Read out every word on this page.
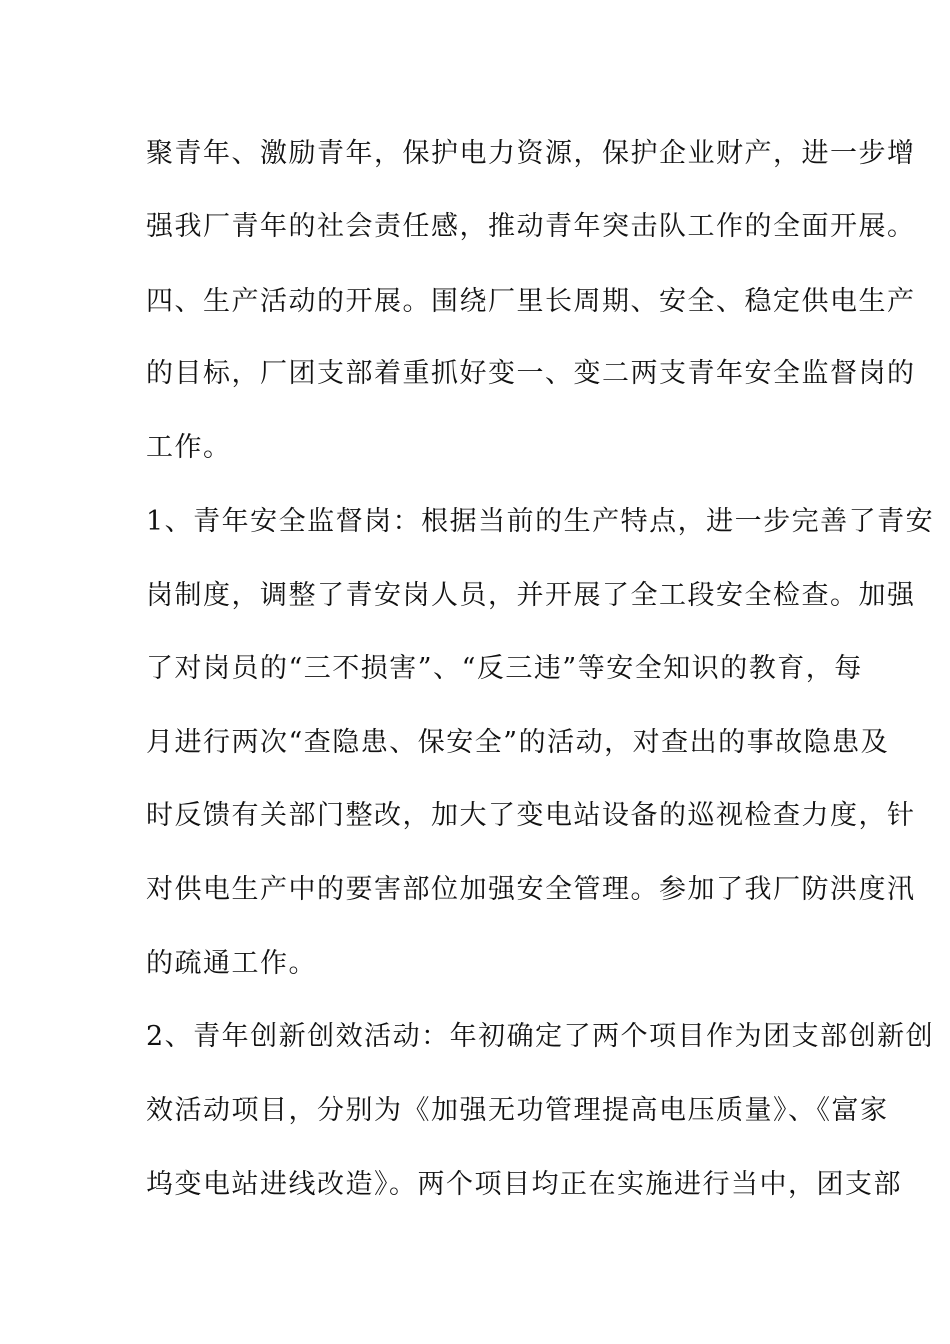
聚青年、激励青年，保护电力资源，保护企业财产，进一步增
强我厂青年的社会责任感，推动青年突击队工作的全面开展。
四、生产活动的开展。围绕厂里长周期、安全、稳定供电生产
的目标，厂团支部着重抓好变一、变二两支青年安全监督岗的
工作。
1、青年安全监督岗：根据当前的生产特点，进一步完善了青安
岗制度，调整了青安岗人员，并开展了全工段安全检查。加强
了对岗员的“三不损害”、“反三违”等安全知识的教育，每
月进行两次“查隐患、保安全”的活动，对查出的事故隐患及
时反馈有关部门整改，加大了变电站设备的巡视检查力度，针
对供电生产中的要害部位加强安全管理。参加了我厂防洪度汛
的疏通工作。
2、青年创新创效活动：年初确定了两个项目作为团支部创新创
效活动项目，分别为《加强无功管理提高电压质量》、《富家
坞变电站进线改造》。两个项目均正在实施进行当中，团支部
